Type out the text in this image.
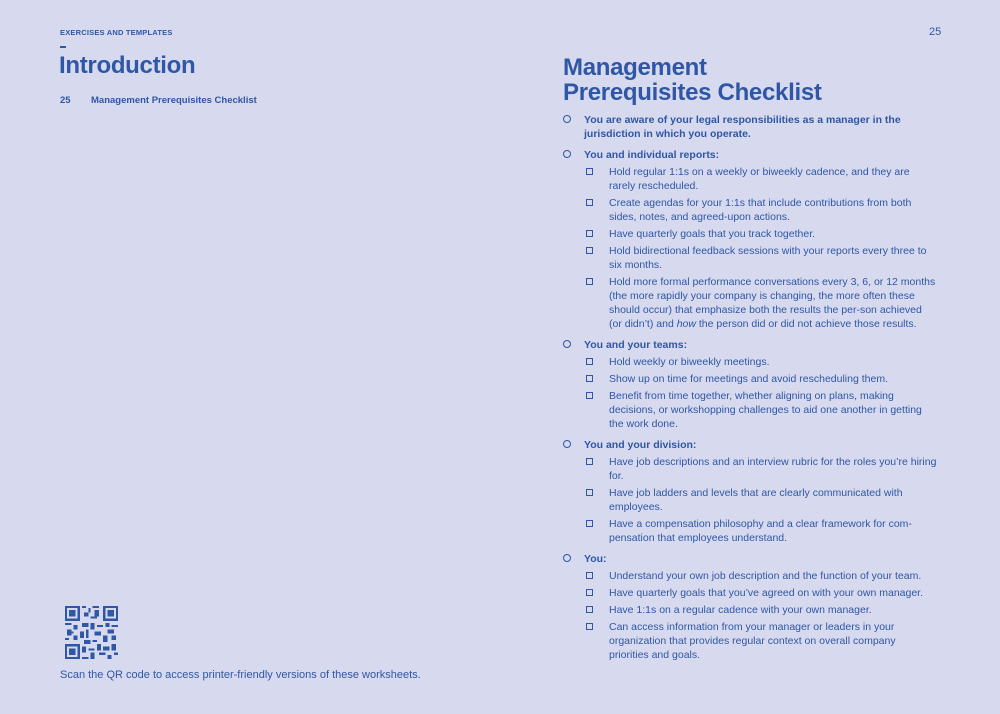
EXERCISES AND TEMPLATES
Introduction
25 Management Prerequisites Checklist
Scan the QR code to access printer-friendly versions of these worksheets.
25
Management
Prerequisites Checklist
You are aware of your legal responsibilities as a manager in the jurisdiction in which you operate.
You and individual reports:
Hold regular 1:1s on a weekly or biweekly cadence, and they are rarely rescheduled.
Create agendas for your 1:1s that include contributions from both sides, notes, and agreed-upon actions.
Have quarterly goals that you track together.
Hold bidirectional feedback sessions with your reports every three to six months.
Hold more formal performance conversations every 3, 6, or 12 months (the more rapidly your company is changing, the more often these should occur) that emphasize both the results the per-son achieved (or didn’t) and how the person did or did not achieve those results.
You and your teams:
Hold weekly or biweekly meetings.
Show up on time for meetings and avoid rescheduling them.
Benefit from time together, whether aligning on plans, making decisions, or workshopping challenges to aid one another in getting the work done.
You and your division:
Have job descriptions and an interview rubric for the roles you’re hiring for.
Have job ladders and levels that are clearly communicated with employees.
Have a compensation philosophy and a clear framework for com-pensation that employees understand.
You:
Understand your own job description and the function of your team.
Have quarterly goals that you’ve agreed on with your own manager.
Have 1:1s on a regular cadence with your own manager.
Can access information from your manager or leaders in your organization that provides regular context on overall company priorities and goals.
